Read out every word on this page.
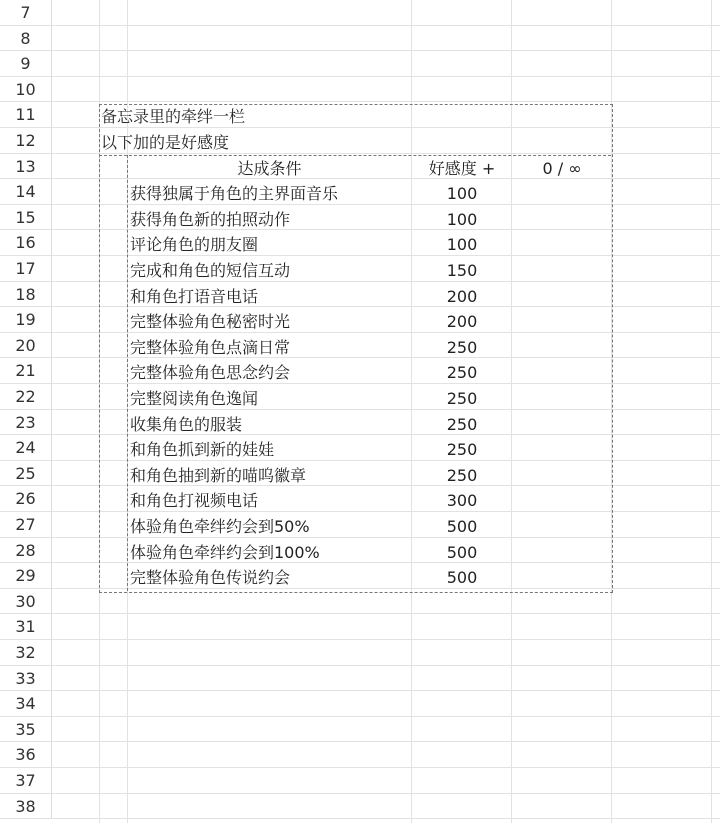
7
8
9
10
11
12
13
14
15
16
17
18
19
20
21
22
23
24
25
26
27
28
29
30
31
32
33
34
35
36
37
38
备忘录里的牵绊一栏
以下加的是好感度
达成条件	好感度 +	0 / ∞
获得独属于角色的主界面音乐	100
获得角色新的拍照动作	100
评论角色的朋友圈	100
完成和角色的短信互动	150
和角色打语音电话	200
完整体验角色秘密时光	200
完整体验角色点滴日常	250
完整体验角色思念约会	250
完整阅读角色逸闻	250
收集角色的服装	250
和角色抓到新的娃娃	250
和角色抽到新的喵呜徽章	250
和角色打视频电话	300
体验角色牵绊约会到50%	500
体验角色牵绊约会到100%	500
完整体验角色传说约会	500
